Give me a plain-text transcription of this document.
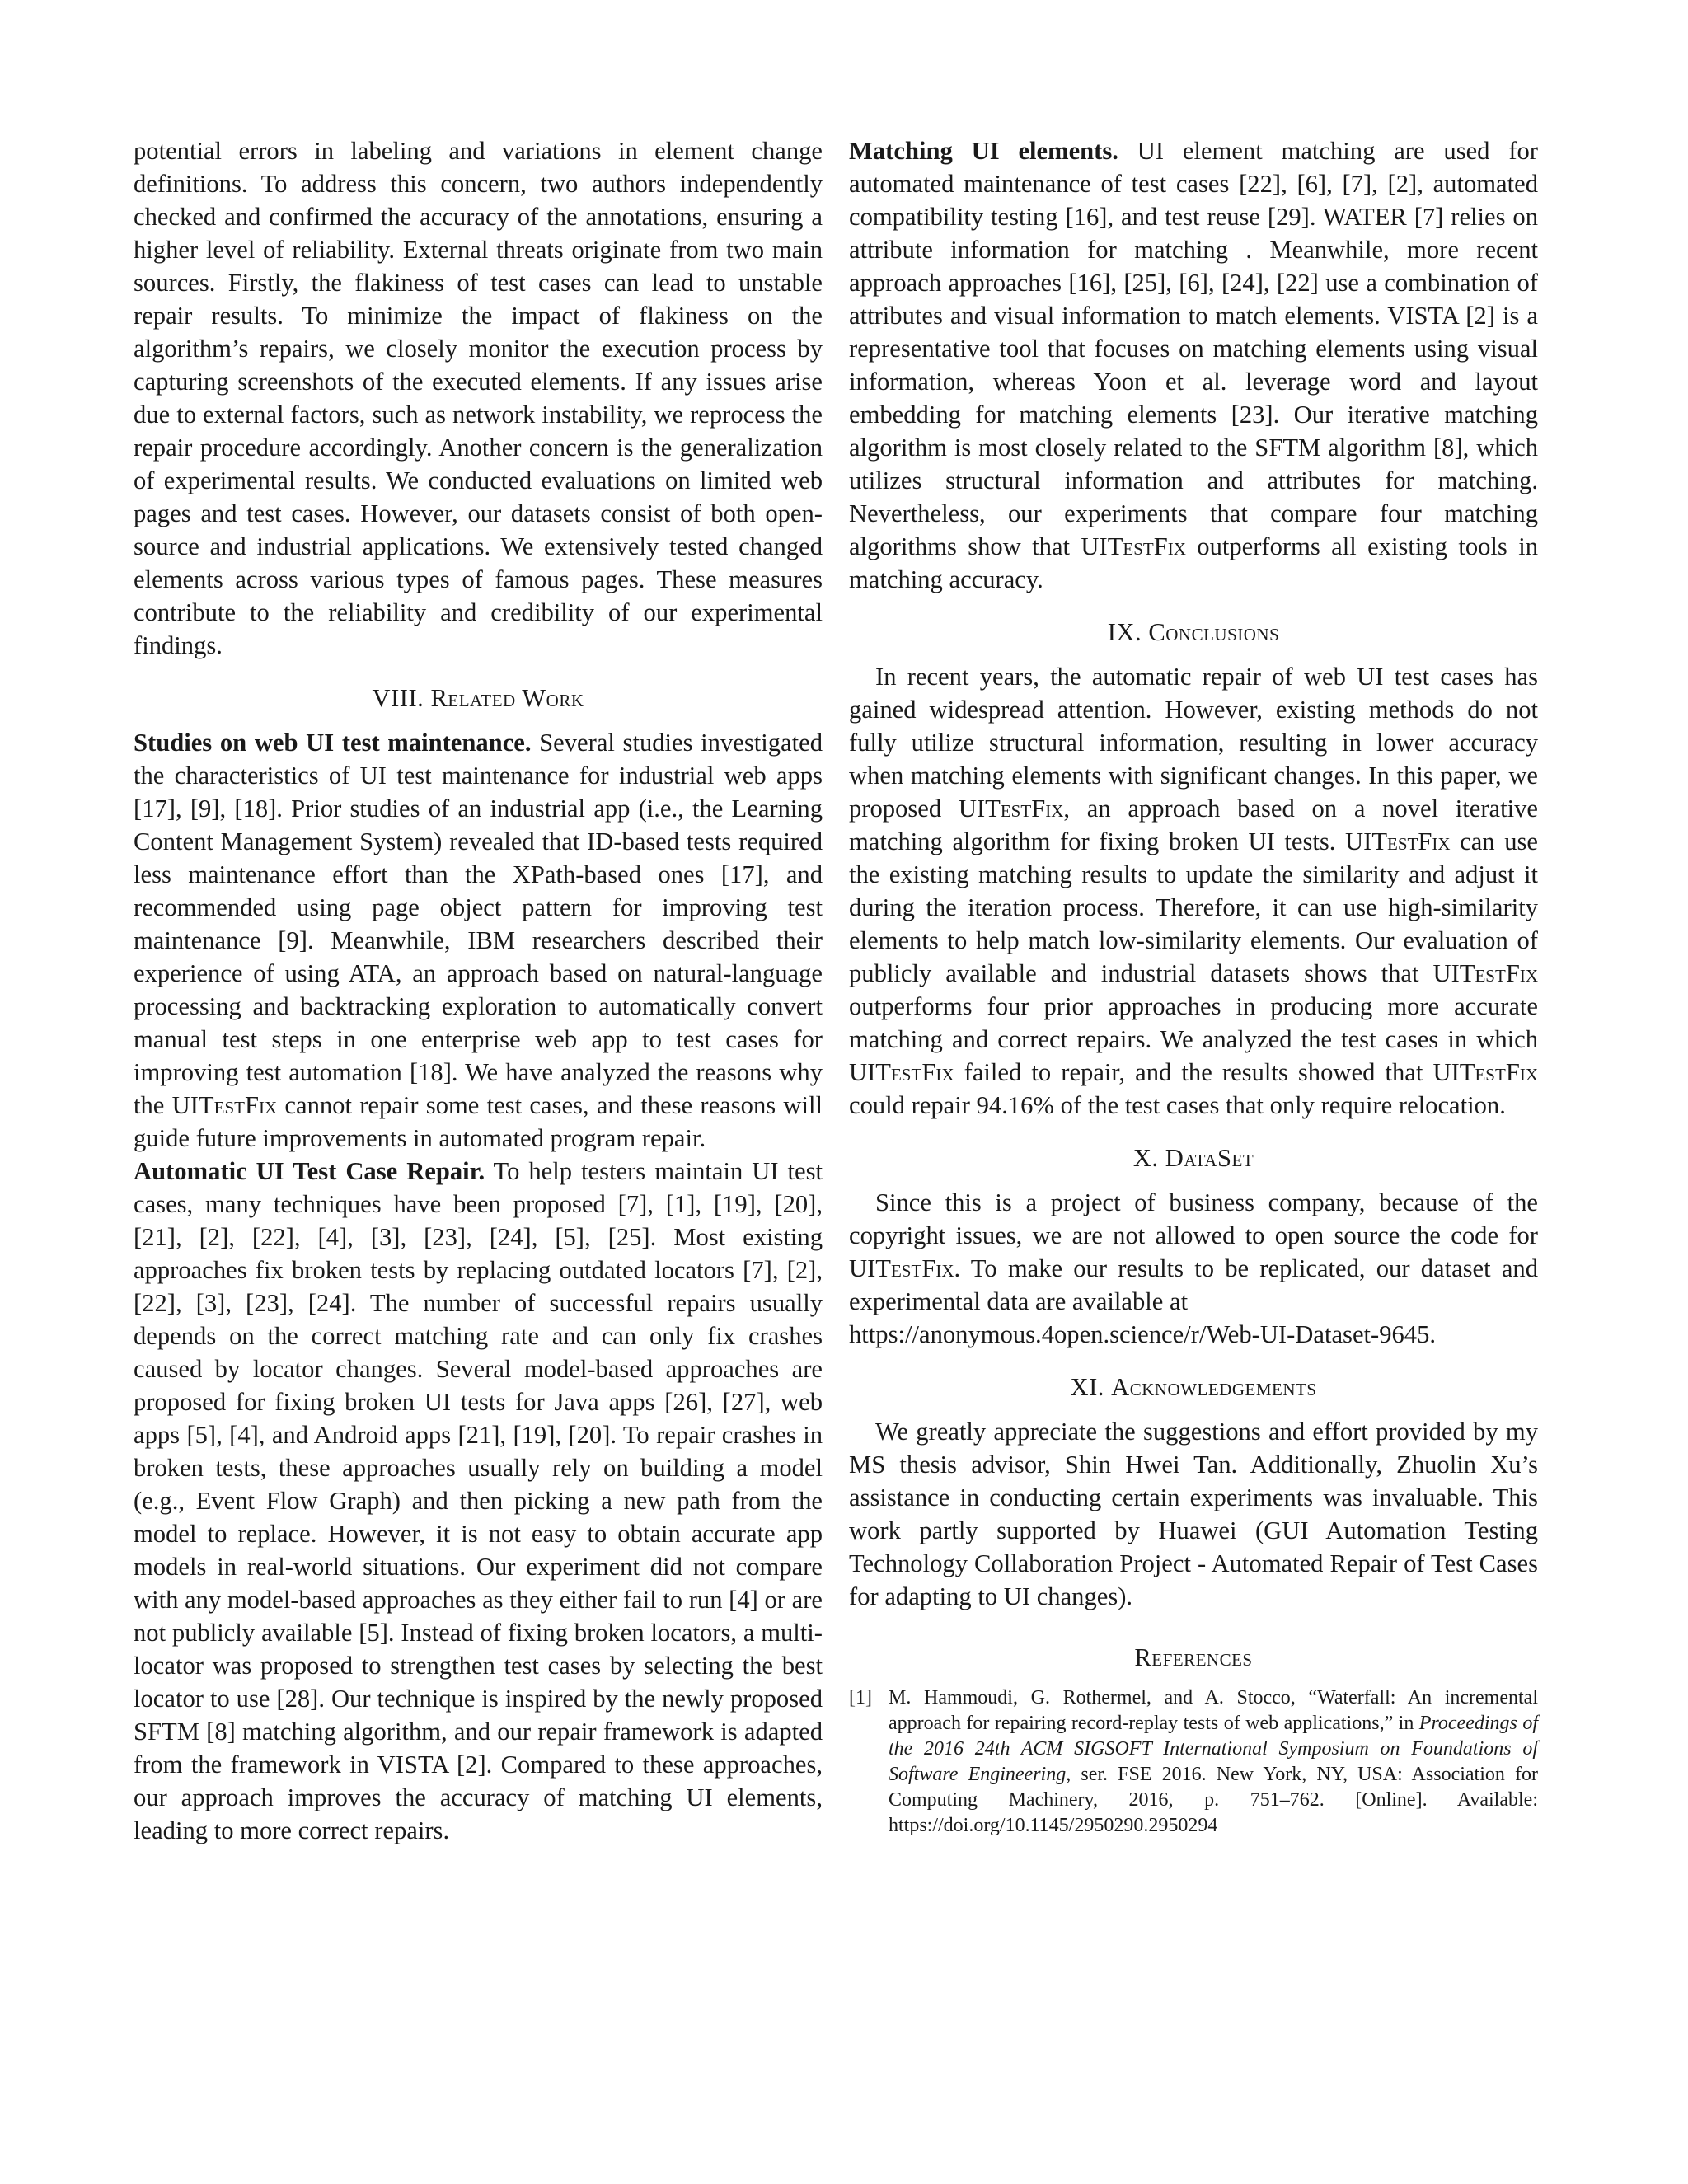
potential errors in labeling and variations in element change definitions. To address this concern, two authors independently checked and confirmed the accuracy of the annotations, ensuring a higher level of reliability. External threats originate from two main sources. Firstly, the flakiness of test cases can lead to unstable repair results. To minimize the impact of flakiness on the algorithm’s repairs, we closely monitor the execution process by capturing screenshots of the executed elements. If any issues arise due to external factors, such as network instability, we reprocess the repair procedure accordingly. Another concern is the generalization of experimental results. We conducted evaluations on limited web pages and test cases. However, our datasets consist of both open-source and industrial applications. We extensively tested changed elements across various types of famous pages. These measures contribute to the reliability and credibility of our experimental findings.

VIII. Related Work

Studies on web UI test maintenance. Several studies investigated the characteristics of UI test maintenance for industrial web apps [17], [9], [18]. Prior studies of an industrial app (i.e., the Learning Content Management System) revealed that ID-based tests required less maintenance effort than the XPath-based ones [17], and recommended using page object pattern for improving test maintenance [9]. Meanwhile, IBM researchers described their experience of using ATA, an approach based on natural-language processing and backtracking exploration to automatically convert manual test steps in one enterprise web app to test cases for improving test automation [18]. We have analyzed the reasons why the UITestFix cannot repair some test cases, and these reasons will guide future improvements in automated program repair.

Automatic UI Test Case Repair. To help testers maintain UI test cases, many techniques have been proposed [7], [1], [19], [20], [21], [2], [22], [4], [3], [23], [24], [5], [25]. Most existing approaches fix broken tests by replacing outdated locators [7], [2], [22], [3], [23], [24]. The number of successful repairs usually depends on the correct matching rate and can only fix crashes caused by locator changes. Several model-based approaches are proposed for fixing broken UI tests for Java apps [26], [27], web apps [5], [4], and Android apps [21], [19], [20]. To repair crashes in broken tests, these approaches usually rely on building a model (e.g., Event Flow Graph) and then picking a new path from the model to replace. However, it is not easy to obtain accurate app models in real-world situations. Our experiment did not compare with any model-based approaches as they either fail to run [4] or are not publicly available [5]. Instead of fixing broken locators, a multi-locator was proposed to strengthen test cases by selecting the best locator to use [28]. Our technique is inspired by the newly proposed SFTM [8] matching algorithm, and our repair framework is adapted from the framework in VISTA [2]. Compared to these approaches, our approach improves the accuracy of matching UI elements, leading to more correct repairs.

Matching UI elements. UI element matching are used for automated maintenance of test cases [22], [6], [7], [2], automated compatibility testing [16], and test reuse [29]. WATER [7] relies on attribute information for matching . Meanwhile, more recent approach approaches [16], [25], [6], [24], [22] use a combination of attributes and visual information to match elements. VISTA [2] is a representative tool that focuses on matching elements using visual information, whereas Yoon et al. leverage word and layout embedding for matching elements [23]. Our iterative matching algorithm is most closely related to the SFTM algorithm [8], which utilizes structural information and attributes for matching. Nevertheless, our experiments that compare four matching algorithms show that UITestFix outperforms all existing tools in matching accuracy.

IX. Conclusions

In recent years, the automatic repair of web UI test cases has gained widespread attention. However, existing methods do not fully utilize structural information, resulting in lower accuracy when matching elements with significant changes. In this paper, we proposed UITestFix, an approach based on a novel iterative matching algorithm for fixing broken UI tests. UITestFix can use the existing matching results to update the similarity and adjust it during the iteration process. Therefore, it can use high-similarity elements to help match low-similarity elements. Our evaluation of publicly available and industrial datasets shows that UITestFix outperforms four prior approaches in producing more accurate matching and correct repairs. We analyzed the test cases in which UITestFix failed to repair, and the results showed that UITestFix could repair 94.16% of the test cases that only require relocation.

X. DataSet

Since this is a project of business company, because of the copyright issues, we are not allowed to open source the code for UITestFix. To make our results to be replicated, our dataset and experimental data are available at

https://anonymous.4open.science/r/Web-UI-Dataset-9645.

XI. Acknowledgements

We greatly appreciate the suggestions and effort provided by my MS thesis advisor, Shin Hwei Tan. Additionally, Zhuolin Xu’s assistance in conducting certain experiments was invaluable. This work partly supported by Huawei (GUI Automation Testing Technology Collaboration Project - Automated Repair of Test Cases for adapting to UI changes).

References
[1] M. Hammoudi, G. Rothermel, and A. Stocco, “Waterfall: An incremental approach for repairing record-replay tests of web applications,” in Proceedings of the 2016 24th ACM SIGSOFT International Symposium on Foundations of Software Engineering, ser. FSE 2016. New York, NY, USA: Association for Computing Machinery, 2016, p. 751–762. [Online]. Available: https://doi.org/10.1145/2950290.2950294
